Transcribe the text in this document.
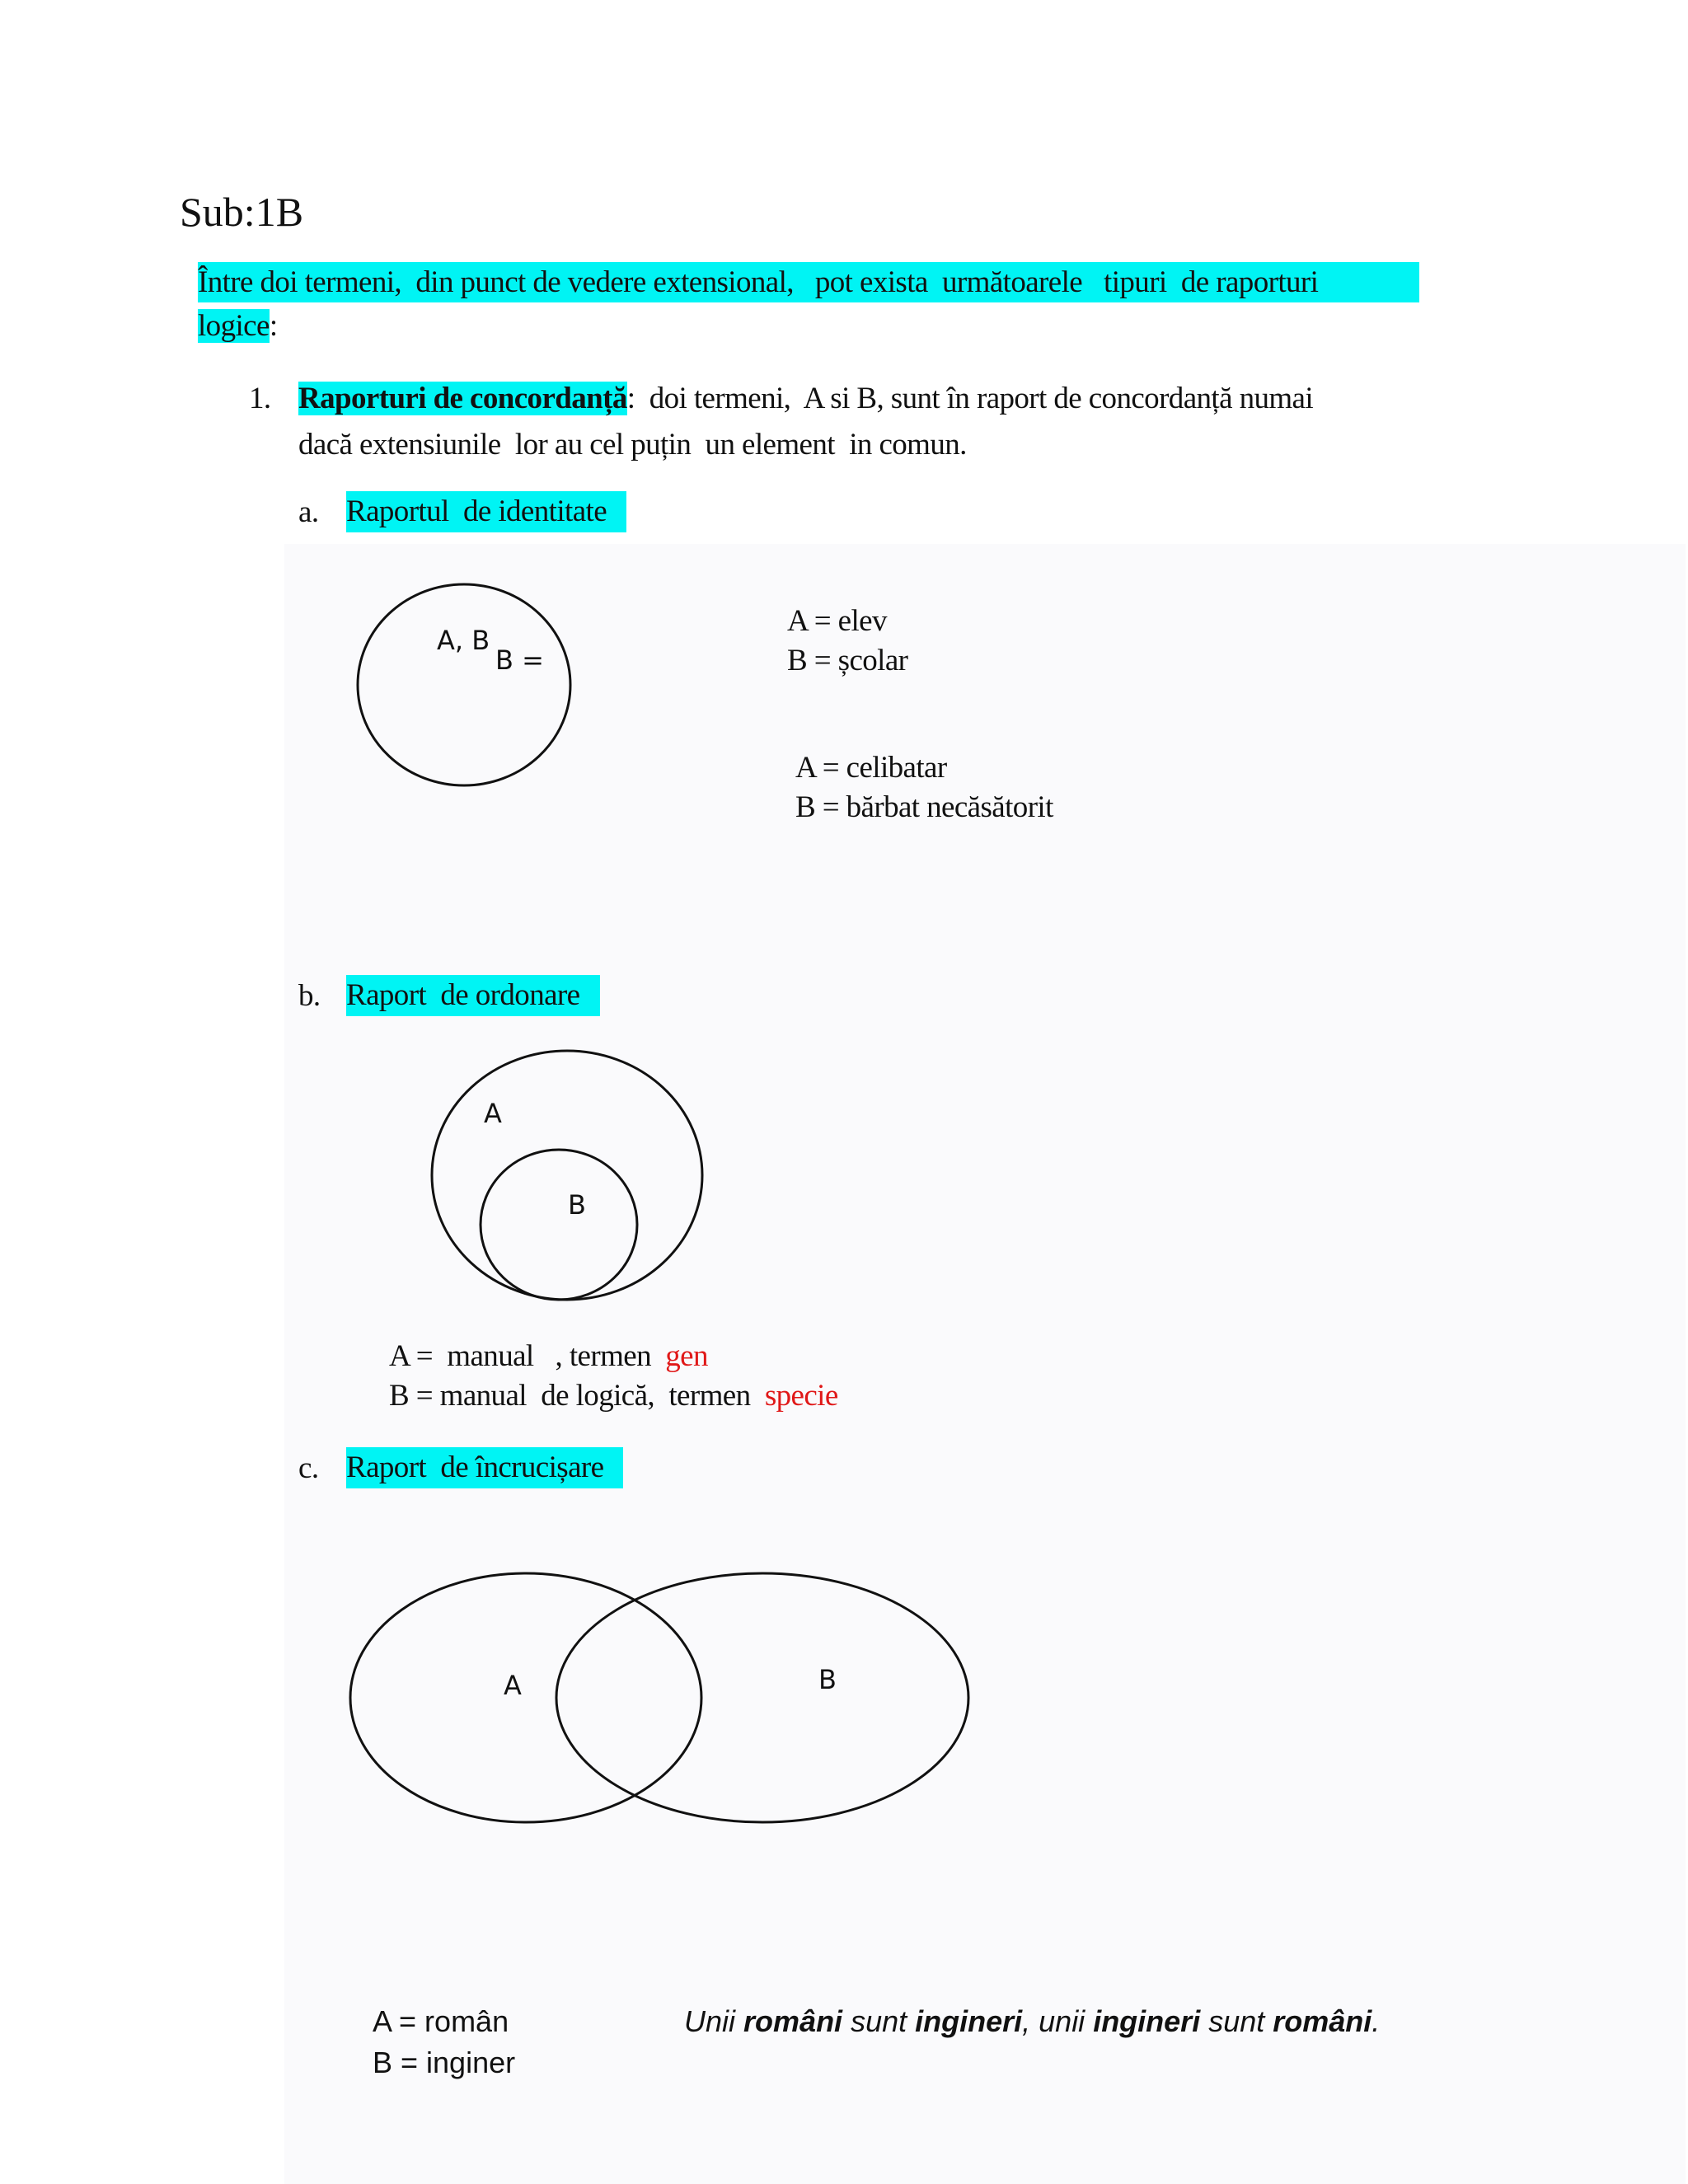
Sub:1B
Între doi termeni,  din punct de vedere extensional,   pot exista  următoarele   tipuri  de raporturi
logice:
1. Raporturi de concordanță:  doi termeni,  A si B, sunt în raport de concordanță numai
dacă extensiunile  lor au cel puțin  un element  in comun.
a. Raportul  de identitate
A = elev
B = școlar
A = celibatar
B = bărbat necăsătorit
b. Raport  de ordonare
A =  manual   , termen  gen
B = manual  de logică,  termen  specie
c. Raport  de încrucișare
A, B
B =
A
B
A	B
A = român
B = inginer
Unii români sunt ingineri, unii ingineri sunt români.
